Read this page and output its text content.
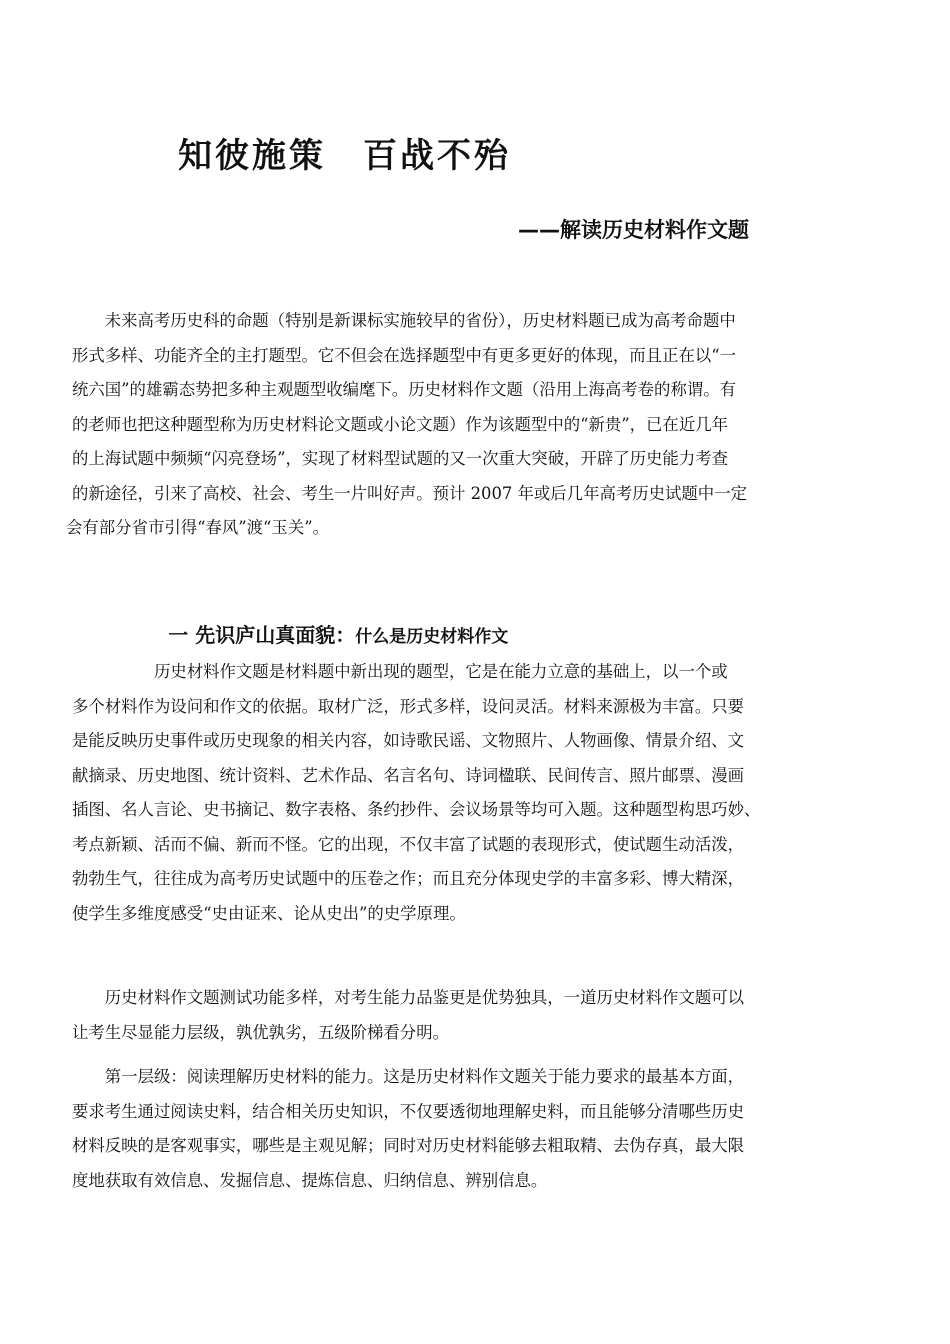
知彼施策　百战不殆
——解读历史材料作文题
　　未来高考历史科的命题（特别是新课标实施较早的省份），历史材料题已成为高考命题中
形式多样、功能齐全的主打题型。它不但会在选择题型中有更多更好的体现，而且正在以“一
统六国”的雄霸态势把多种主观题型收编麾下。历史材料作文题（沿用上海高考卷的称谓。有
的老师也把这种题型称为历史材料论文题或小论文题）作为该题型中的“新贵”，已在近几年
的上海试题中频频“闪亮登场”，实现了材料型试题的又一次重大突破，开辟了历史能力考查
的新途径，引来了高校、社会、考生一片叫好声。预计 2007 年或后几年高考历史试题中一定
会有部分省市引得“春风”渡“玉关”。

一 先识庐山真面貌：什么是历史材料作文

　　　　　历史材料作文题是材料题中新出现的题型，它是在能力立意的基础上，以一个或
多个材料作为设问和作文的依据。取材广泛，形式多样，设问灵活。材料来源极为丰富。只要
是能反映历史事件或历史现象的相关内容，如诗歌民谣、文物照片、人物画像、情景介绍、文
献摘录、历史地图、统计资料、艺术作品、名言名句、诗词楹联、民间传言、照片邮票、漫画
插图、名人言论、史书摘记、数字表格、条约抄件、会议场景等均可入题。这种题型构思巧妙、
考点新颖、活而不偏、新而不怪。它的出现，不仅丰富了试题的表现形式，使试题生动活泼，
勃勃生气，往往成为高考历史试题中的压卷之作；而且充分体现史学的丰富多彩、博大精深，
使学生多维度感受“史由证来、论从史出”的史学原理。
　　历史材料作文题测试功能多样，对考生能力品鉴更是优势独具，一道历史材料作文题可以
让考生尽显能力层级，孰优孰劣，五级阶梯看分明。
　　第一层级：阅读理解历史材料的能力。这是历史材料作文题关于能力要求的最基本方面，
要求考生通过阅读史料，结合相关历史知识，不仅要透彻地理解史料，而且能够分清哪些历史
材料反映的是客观事实，哪些是主观见解；同时对历史材料能够去粗取精、去伪存真，最大限
度地获取有效信息、发掘信息、提炼信息、归纳信息、辨别信息。
